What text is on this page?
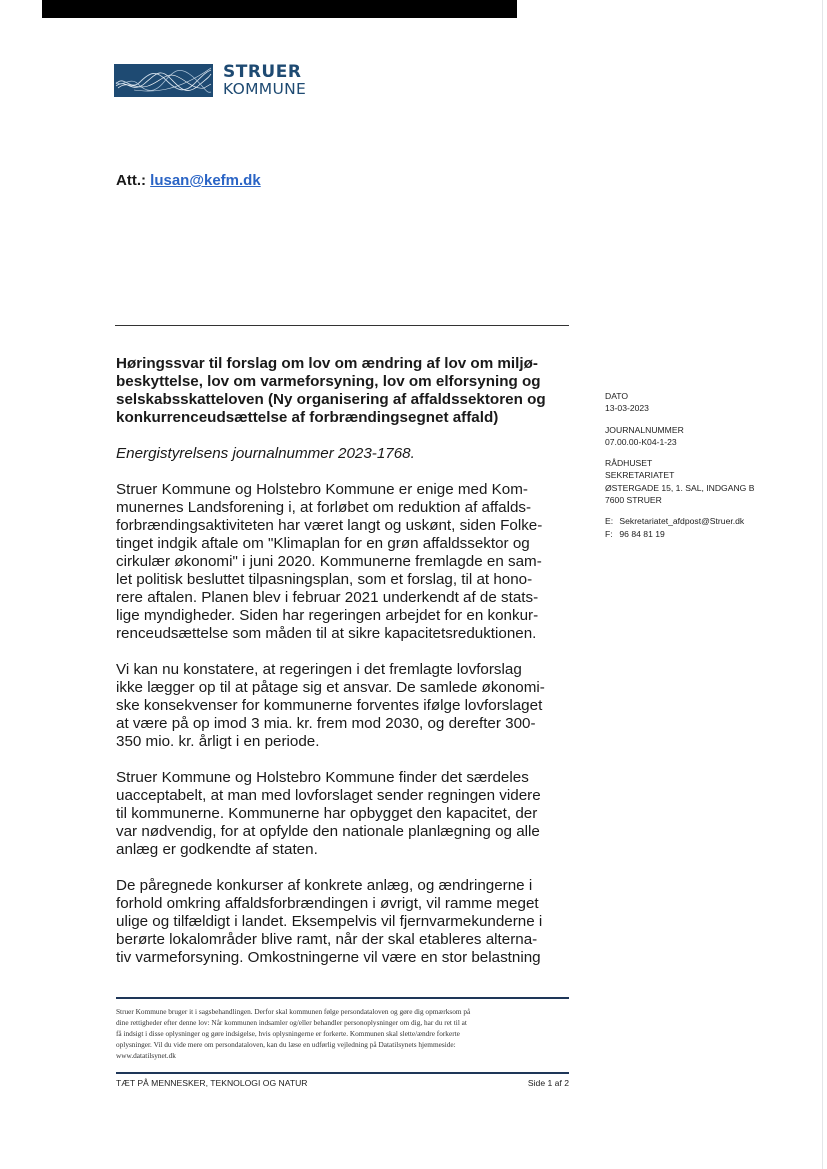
STRUER
KOMMUNE
Att.: lusan@kefm.dk
Høringssvar til forslag om lov om ændring af lov om miljø-
beskyttelse, lov om varmeforsyning, lov om elforsyning og
selskabsskatteloven (Ny organisering af affaldssektoren og
konkurrenceudsættelse af forbrændingsegnet affald)

Energistyrelsens journalnummer 2023-1768.

Struer Kommune og Holstebro Kommune er enige med Kom-
munernes Landsforening i, at forløbet om reduktion af affalds-
forbrændingsaktiviteten har været langt og uskønt, siden Folke-
tinget indgik aftale om "Klimaplan for en grøn affaldssektor og
cirkulær økonomi" i juni 2020. Kommunerne fremlagde en sam-
let politisk besluttet tilpasningsplan, som et forslag, til at hono-
rere aftalen. Planen blev i februar 2021 underkendt af de stats-
lige myndigheder. Siden har regeringen arbejdet for en konkur-
renceudsættelse som måden til at sikre kapacitetsreduktionen.

Vi kan nu konstatere, at regeringen i det fremlagte lovforslag
ikke lægger op til at påtage sig et ansvar. De samlede økonomi-
ske konsekvenser for kommunerne forventes ifølge lovforslaget
at være på op imod 3 mia. kr. frem mod 2030, og derefter 300-
350 mio. kr. årligt i en periode.

Struer Kommune og Holstebro Kommune finder det særdeles
uacceptabelt, at man med lovforslaget sender regningen videre
til kommunerne. Kommunerne har opbygget den kapacitet, der
var nødvendig, for at opfylde den nationale planlægning og alle
anlæg er godkendte af staten.

De påregnede konkurser af konkrete anlæg, og ændringerne i
forhold omkring affaldsforbrændingen i øvrigt, vil ramme meget
ulige og tilfældigt i landet. Eksempelvis vil fjernvarmekunderne i
berørte lokalområder blive ramt, når der skal etableres alterna-
tiv varmeforsyning. Omkostningerne vil være en stor belastning

DATO
13-03-2023
JOURNALNUMMER
07.00.00-K04-1-23
RÅDHUSET
SEKRETARIATET
ØSTERGADE 15, 1. SAL, INDGANG B
7600 STRUER
E: Sekretariatet_afdpost@Struer.dk
F: 96 84 81 19
Struer Kommune bruger it i sagsbehandlingen. Derfor skal kommunen følge persondataloven og gøre dig opmærksom på
dine rettigheder efter denne lov: Når kommunen indsamler og/eller behandler personoplysninger om dig, har du ret til at
få indsigt i disse oplysninger og gøre indsigelse, hvis oplysningerne er forkerte. Kommunen skal slette/ændre forkerte
oplysninger. Vil du vide mere om persondataloven, kan du læse en udførlig vejledning på Datatilsynets hjemmeside:
www.datatilsynet.dk
TÆT PÅ MENNESKER, TEKNOLOGI OG NATUR	Side 1 af 2
